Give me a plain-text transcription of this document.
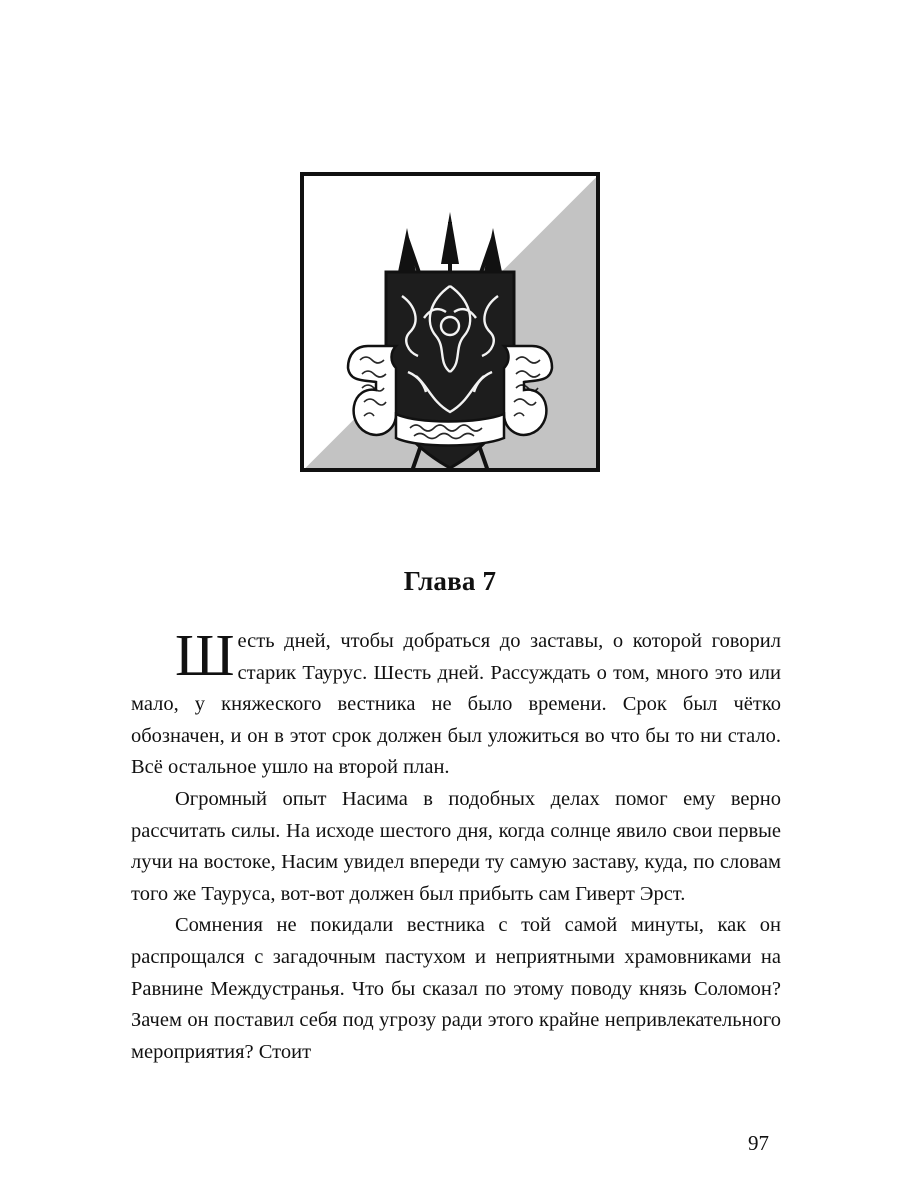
Глава 7

Шесть дней, чтобы добраться до заставы, о которой говорил старик Таурус. Шесть дней. Рассуждать о том, много это или мало, у княжеского вестника не было времени. Срок был чётко обозначен, и он в этот срок должен был уложиться во что бы то ни стало. Всё остальное ушло на второй план.

Огромный опыт Насима в подобных делах помог ему верно рассчитать силы. На исходе шестого дня, когда солнце явило свои первые лучи на востоке, Насим увидел впереди ту самую заставу, куда, по словам того же Тауруса, вот-вот должен был прибыть сам Гиверт Эрст.

Сомнения не покидали вестника с той самой минуты, как он распрощался с загадочным пастухом и неприятными храмовниками на Равнине Междустранья. Что бы сказал по этому поводу князь Соломон? Зачем он поставил себя под угрозу ради этого крайне непривлекательного мероприятия? Стоит

97
